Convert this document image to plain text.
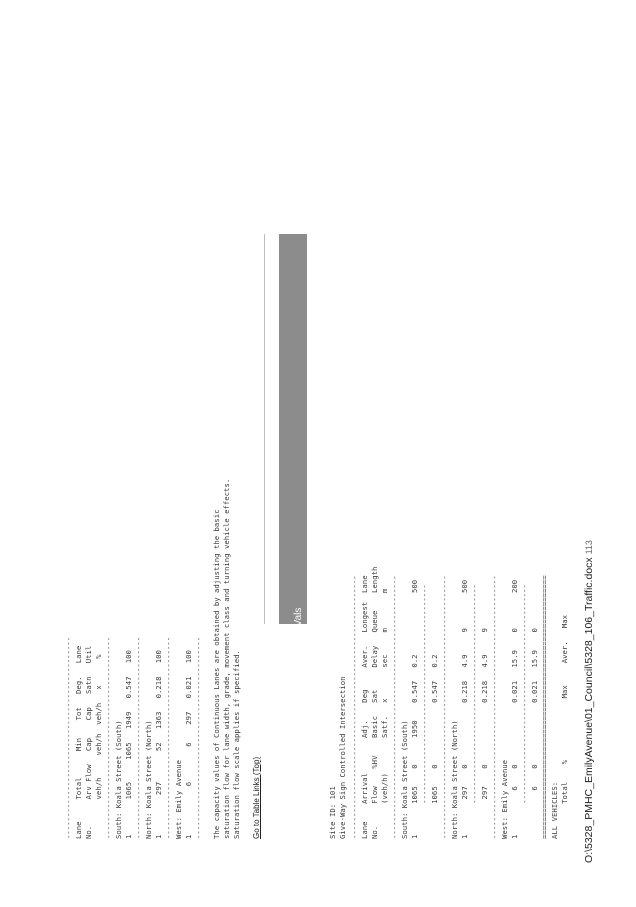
----------------------------------------------
Lane     Total      Min    Tot   Deg.   Lane
No.      Arv Flow   Cap    Cap   Satn   Util
veh/h     veh/h  veh/h   x      %
----------------------------------------------
South: Koala Street (South)
1        1065     1065   1949   0.547   100
----------------------------------------------
North: Koala Street (North)
1         297       52   1363   0.218   100
----------------------------------------------
West: Emily Avenue
1           6        6    297   0.021   100
---------------------------------------------- The capacity values of Continuous Lanes are obtained by adjusting the basic
saturation flow for lane width, grade, movement class and turning vehicle effects.
Saturation flow scale applies if specified.
Go to Table Links (Top) Lane, Approach and Intersection Performance Site: Emily Road PM 2039 Not Developed GHDVals	Site ID: 101
Give-Way Sign Controlled Intersection ------------------------------------------------------------
Lane    Arrival        Adj.    Deg     Aver.   Longest  Lane
No.     Flow    %HV    Basic   Sat     Delay   Queue    Length
(veh/h)        Satf.   x       sec     m        m
------------------------------------------------------------
South: Koala Street (South)
1       1065    0      1950    0.547   0.2              500
--------------------------------------------------
1065    0              0.547   0.2
------------------------------------------------------------
North: Koala Street (North)
1        297    0              0.218   4.9     9        500
--------------------------------------------------
297    0              0.218   4.9     9
------------------------------------------------------------
West: Emily Avenue
1          6    0              0.021   15.9    0        200
--------------------------------------------------
6    0              0.021   15.9    0
============================================================
ALL VEHICLES:
Total    %              Max     Aver.   Max O:\5328_PMHC_EmilyAvenue\01_Council\5328_106_Traffic.docx 113
